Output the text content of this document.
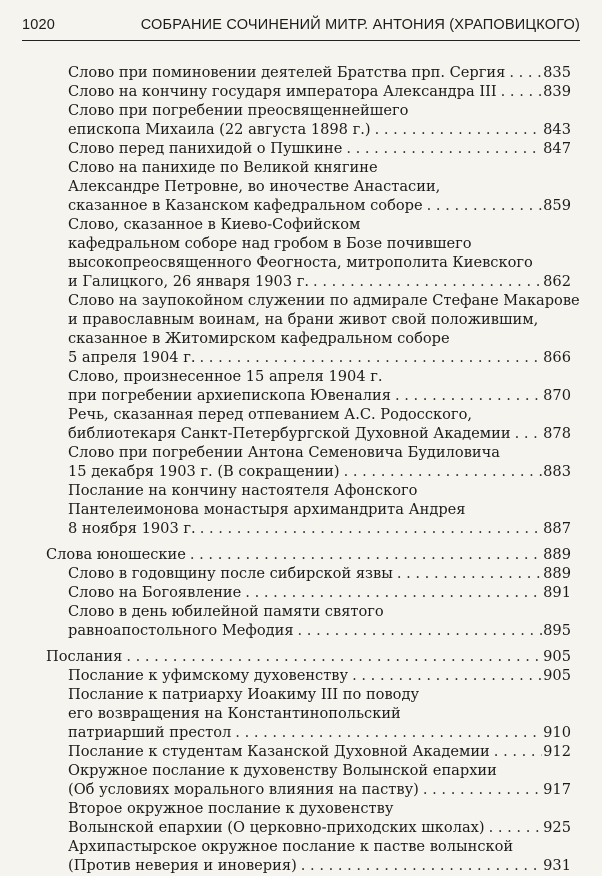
1020	СОБРАНИЕ СОЧИНЕНИЙ МИТР. АНТОНИЯ (ХРАПОВИЦКОГО)
Слово при поминовении деятелей Братства прп. Сергия . . .	835
Слово на кончину государя императора Александра III . . .	839
Слово при погребении преосвященнейшего
епископа Михаила (22 августа 1898 г.) . . .	843
Слово перед панихидой о Пушкине . . .	847
Слово на панихиде по Великой княгине
Александре Петровне, во иночестве Анастасии,
сказанное в Казанском кафедральном соборе . . .	859
Слово, сказанное в Киево-Софийском
кафедральном соборе над гробом в Бозе почившего
высокопреосвященного Феогноста, митрополита Киевского
и Галицкого, 26 января 1903 г. . . .	862
Слово на заупокойном служении по адмирале Стефане Макарове
и православным воинам, на брани живот свой положившим,
сказанное в Житомирском кафедральном соборе
5 апреля 1904 г. . . .	866
Слово, произнесенное 15 апреля 1904 г.
при погребении архиепископа Ювеналия . . .	870
Речь, сказанная перед отпеванием А.С. Родосского,
библиотекаря Санкт-Петербургской Духовной Академии . . . 878
Слово при погребении Антона Семеновича Будиловича
15 декабря 1903 г. (В сокращении) . . .	883
Послание на кончину настоятеля Афонского
Пантелеимонова монастыря архимандрита Андрея
8 ноября 1903 г. . . .	887
Слова юношеские . . .	889
Слово в годовщину после сибирской язвы . . .	889
Слово на Богоявление . . .	891
Слово в день юбилейной памяти святого
равноапостольного Мефодия . . .	895
Послания . . .	905
Послание к уфимскому духовенству . . .	905
Послание к патриарху Иоакиму III по поводу
его возвращения на Константинопольский
патриарший престол . . .	910
Послание к студентам Казанской Духовной Академии . . .	912
Окружное послание к духовенству Волынской епархии
(Об условиях морального влияния на паству) . . .	917
Второе окружное послание к духовенству
Волынской епархии (О церковно-приходских школах) . . .	925
Архипастырское окружное послание к пастве волынской
(Против неверия и иноверия) . . .	931
